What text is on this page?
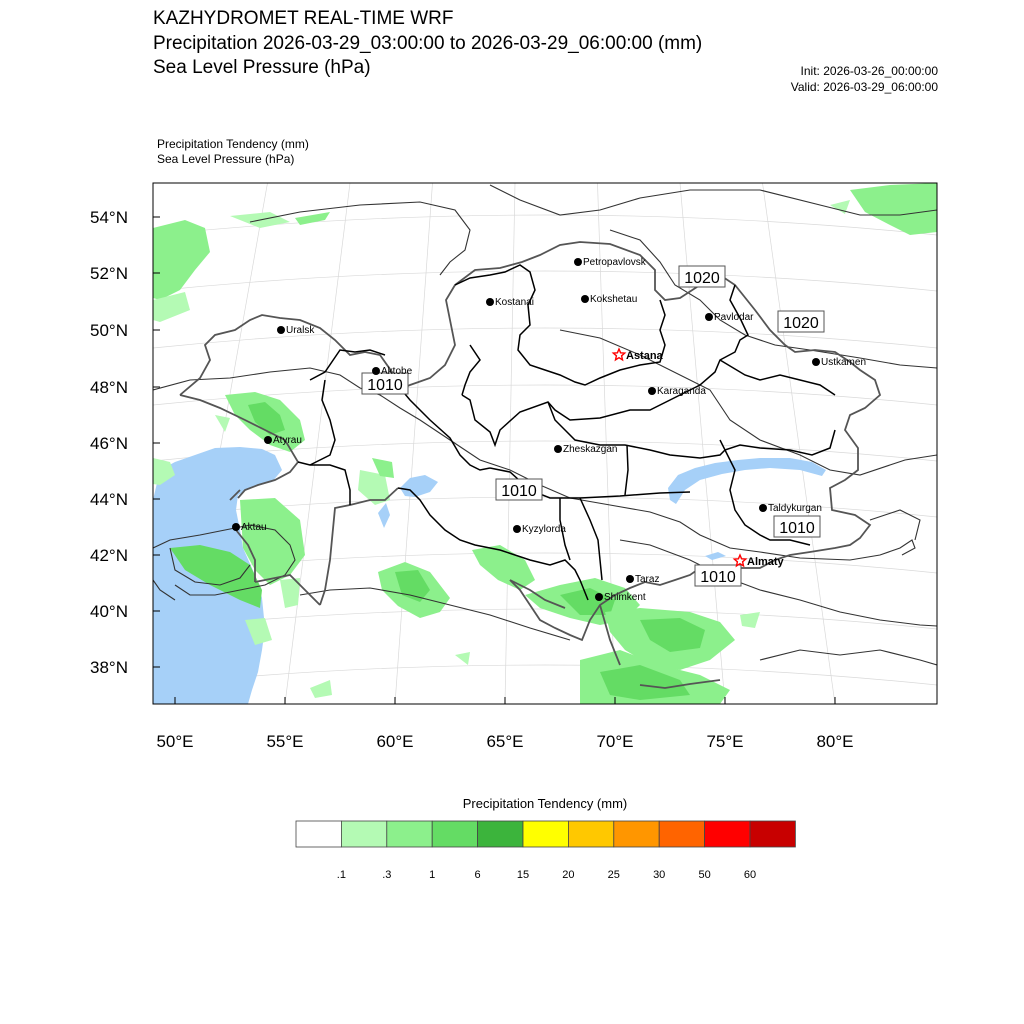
KAZHYDROMET REAL-TIME WRF
Precipitation 2026-03-29_03:00:00 to 2026-03-29_06:00:00 (mm)
Sea Level Pressure (hPa)	Init: 2026-03-26_00:00:00
Valid: 2026-03-29_06:00:00
Precipitation Tendency (mm)
Sea Level Pressure (hPa)
54°N
52°N
50°N
48°N
46°N
44°N
42°N
40°N
38°N
50°E	55°E	60°E	65°E	70°E	75°E	80°E
1020
1020
1010
1010
1010
1010
Petropavlovsk
Kostanai	Kokshetau
Pavlodar
Uralsk
Astana
Ustkamen
Aktobe
Karaganda
Atyrau
Zheskazgan
Taldykurgan
Aktau	Kyzylorda
Almaty
Taraz
Shimkent
.1	.3	1	6	15	20	25	30	50	60
Precipitation Tendency (mm)
